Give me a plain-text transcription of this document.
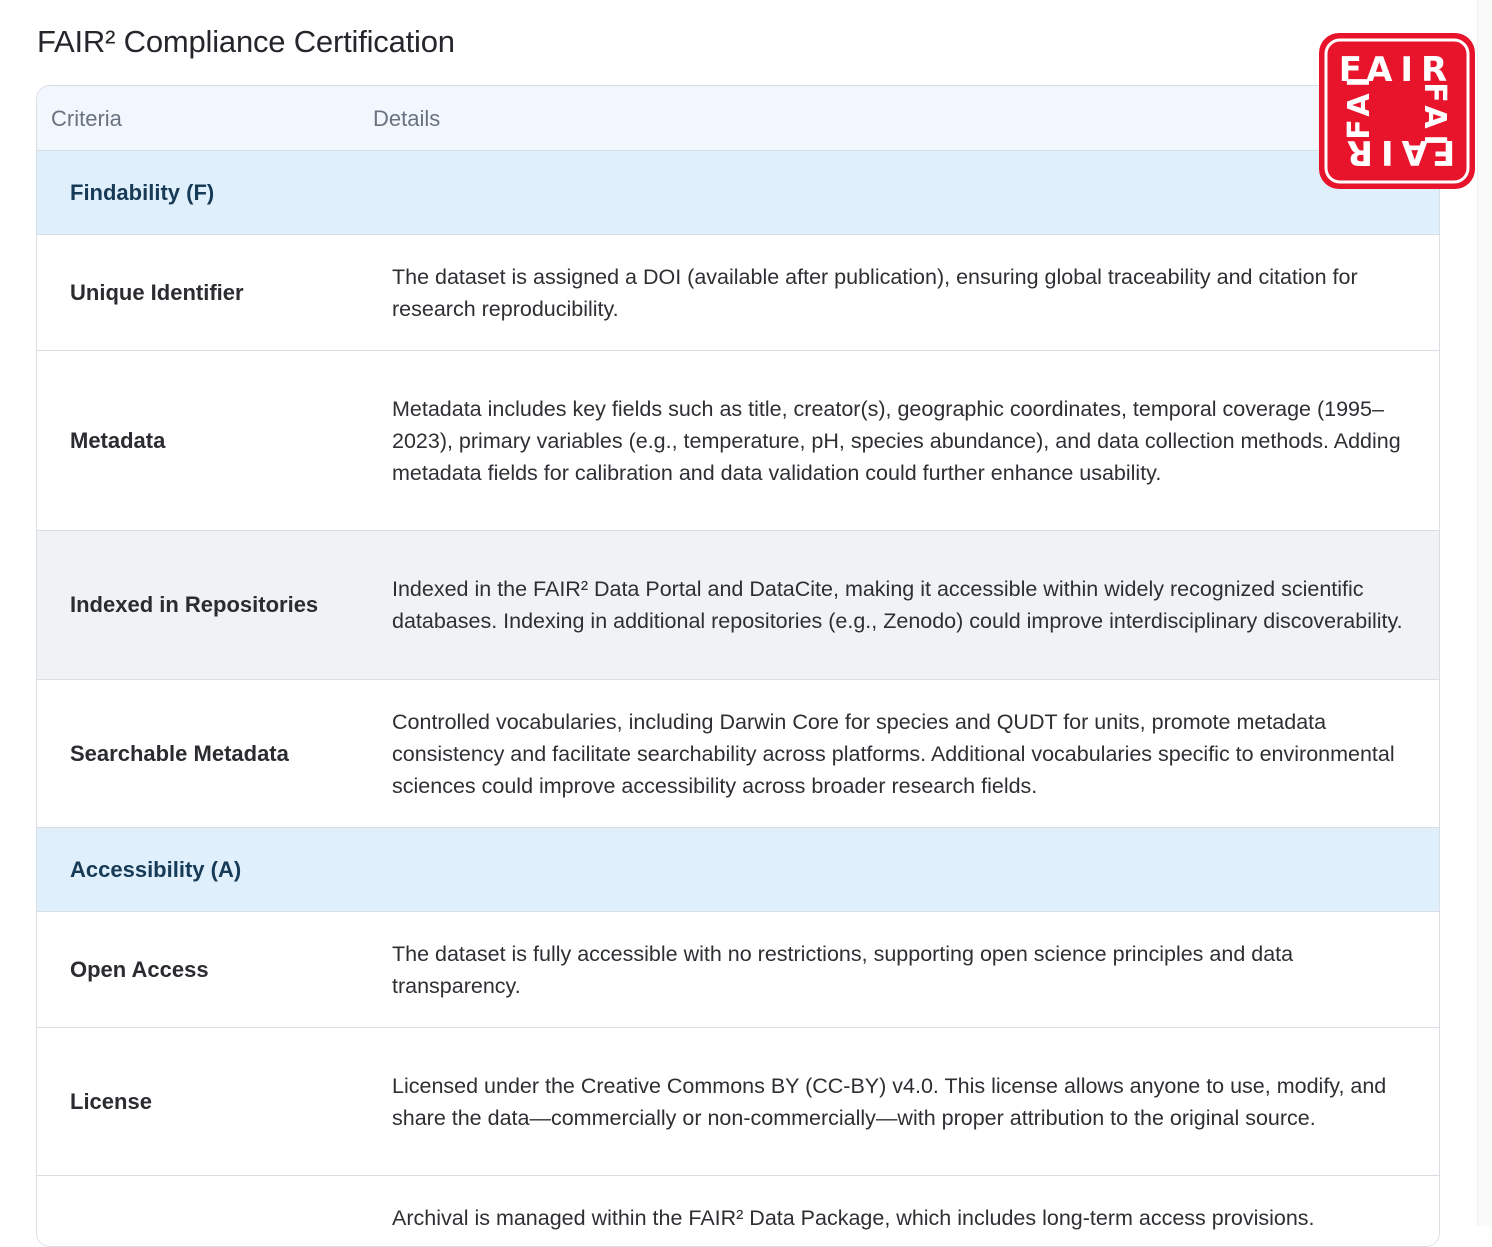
FAIR² Compliance Certification
FAIR
FAIR
FAI FAI
Criteria	Details
Findability (F)
Unique Identifier
The dataset is assigned a DOI (available after publication), ensuring global traceability and citation for research reproducibility.
Metadata
Metadata includes key fields such as title, creator(s), geographic coordinates, temporal coverage (1995–2023), primary variables (e.g., temperature, pH, species abundance), and data collection methods. Adding metadata fields for calibration and data validation could further enhance usability.
Indexed in Repositories
Indexed in the FAIR² Data Portal and DataCite, making it accessible within widely recognized scientific databases. Indexing in additional repositories (e.g., Zenodo) could improve interdisciplinary discoverability.
Searchable Metadata
Controlled vocabularies, including Darwin Core for species and QUDT for units, promote metadata consistency and facilitate searchability across platforms. Additional vocabularies specific to environmental sciences could improve accessibility across broader research fields.
Accessibility (A)
Open Access
The dataset is fully accessible with no restrictions, supporting open science principles and data transparency.
License
Licensed under the Creative Commons BY (CC-BY) v4.0. This license allows anyone to use, modify, and share the data—commercially or non-commercially—with proper attribution to the original source.
Archival is managed within the FAIR² Data Package, which includes long-term access provisions.
